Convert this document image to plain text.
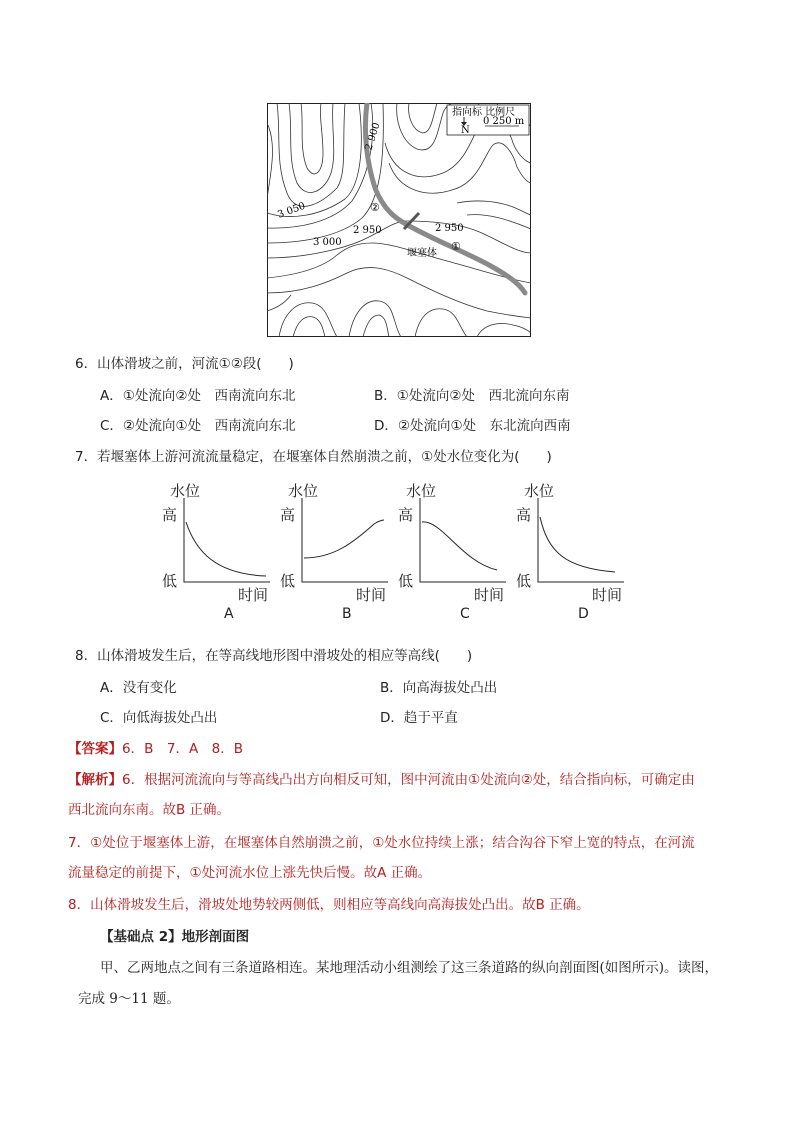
指向标 比例尺
N
0 250 m
2 900
3 050
2 950
3 000
2 950
堰塞体
①
②
6．山体滑坡之前，河流①②段(　　)
A．①处流向②处　西南流向东北	B．①处流向②处　西北流向东南
C．②处流向①处　西南流向东北	D．②处流向①处　东北流向西南
7．若堰塞体上游河流流量稳定，在堰塞体自然崩溃之前，①处水位变化为(　　)
水位
高
低
时间
A
水位
高
低
时间
B
水位
高
低
时间
C
水位
高
低
时间
D
8．山体滑坡发生后，在等高线地形图中滑坡处的相应等高线(　　)
A．没有变化	B．向高海拔处凸出
C．向低海拔处凸出	D．趋于平直
【答案】6．B　7．A　8．B
【解析】6．根据河流流向与等高线凸出方向相反可知，图中河流由①处流向②处，结合指向标，可确定由
西北流向东南。故B 正确。
7．①处位于堰塞体上游，在堰塞体自然崩溃之前，①处水位持续上涨；结合沟谷下窄上宽的特点，在河流
流量稳定的前提下，①处河流水位上涨先快后慢。故A 正确。
8．山体滑坡发生后，滑坡处地势较两侧低，则相应等高线向高海拔处凸出。故B 正确。
【基础点 2】地形剖面图
甲、乙两地点之间有三条道路相连。某地理活动小组测绘了这三条道路的纵向剖面图(如图所示)。读图，
完成 9～11 题。
